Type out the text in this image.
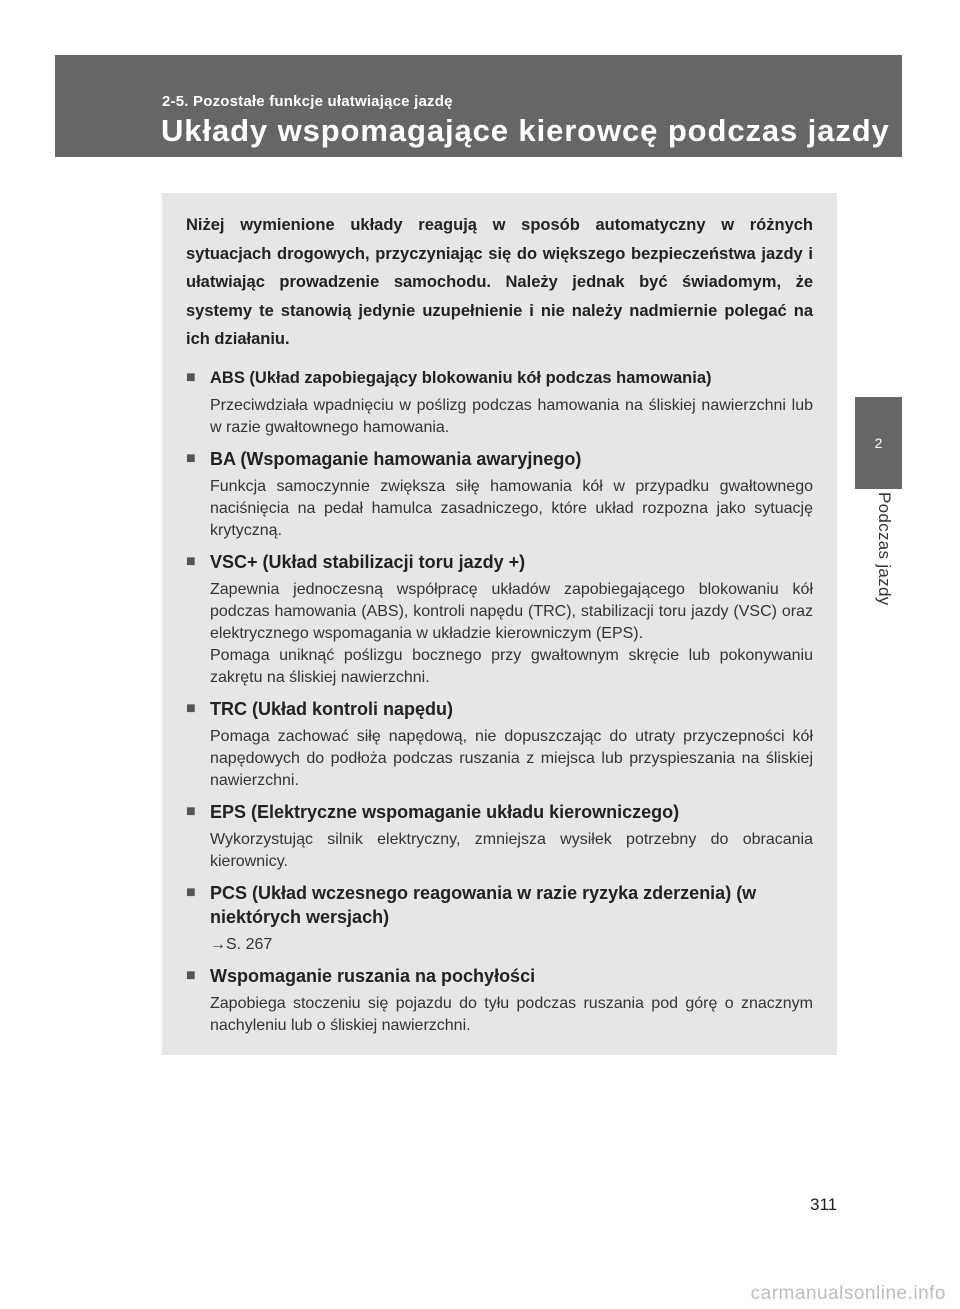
2-5. Pozostałe funkcje ułatwiające jazdę
Układy wspomagające kierowcę podczas jazdy
2
Podczas jazdy

Niżej wymienione układy reagują w sposób automatyczny w różnych sytuacjach drogowych, przyczyniając się do większego bezpieczeństwa jazdy i ułatwiając prowadzenie samochodu. Należy jednak być świadomym, że systemy te stanowią jedynie uzupełnienie i nie należy nadmiernie polegać na ich działaniu.

■ ABS (Układ zapobiegający blokowaniu kół podczas hamowania)

Przeciwdziała wpadnięciu w poślizg podczas hamowania na śliskiej nawierzchni lub w razie gwałtownego hamowania.

■ BA (Wspomaganie hamowania awaryjnego)

Funkcja samoczynnie zwiększa siłę hamowania kół w przypadku gwałtownego naciśnięcia na pedał hamulca zasadniczego, które układ rozpozna jako sytuację krytyczną.

■ VSC+ (Układ stabilizacji toru jazdy +)

Zapewnia jednoczesną współpracę układów zapobiegającego blokowaniu kół podczas hamowania (ABS), kontroli napędu (TRC), stabilizacji toru jazdy (VSC) oraz elektrycznego wspomagania w układzie kierowniczym (EPS).

Pomaga uniknąć poślizgu bocznego przy gwałtownym skręcie lub pokonywaniu zakrętu na śliskiej nawierzchni.

■ TRC (Układ kontroli napędu)

Pomaga zachować siłę napędową, nie dopuszczając do utraty przyczepności kół napędowych do podłoża podczas ruszania z miejsca lub przyspieszania na śliskiej nawierzchni.

■ EPS (Elektryczne wspomaganie układu kierowniczego)

Wykorzystując silnik elektryczny, zmniejsza wysiłek potrzebny do obracania kierownicy.

■ PCS (Układ wczesnego reagowania w razie ryzyka zderzenia) (w niektórych wersjach)

→S. 267

■ Wspomaganie ruszania na pochyłości

Zapobiega stoczeniu się pojazdu do tyłu podczas ruszania pod górę o znacznym nachyleniu lub o śliskiej nawierzchni.

311
carmanualsonline.info
